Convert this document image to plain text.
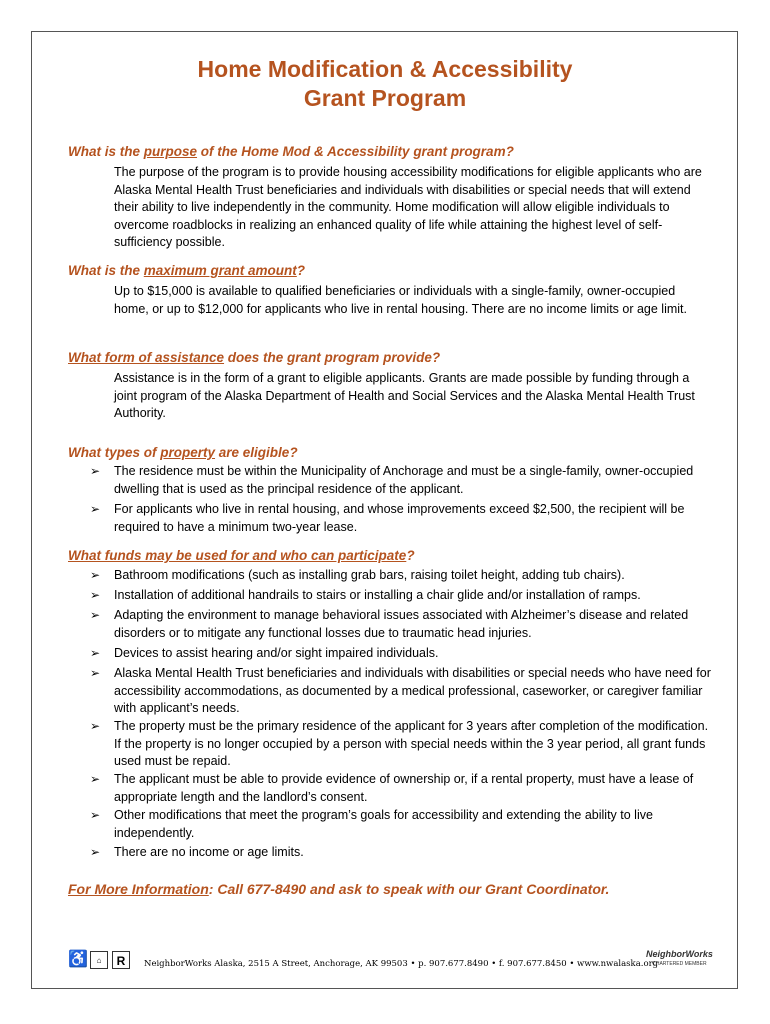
Home Modification & Accessibility
Grant Program
What is the purpose of the Home Mod & Accessibility grant program?
The purpose of the program is to provide housing accessibility modifications for eligible applicants who are Alaska Mental Health Trust beneficiaries and individuals with disabilities or special needs that will extend their ability to live independently in the community. Home modification will allow eligible individuals to overcome roadblocks in realizing an enhanced quality of life while attaining the highest level of self-sufficiency possible.
What is the maximum grant amount?
Up to $15,000 is available to qualified beneficiaries or individuals with a single-family, owner-occupied home, or up to $12,000 for applicants who live in rental housing. There are no income limits or age limit.
What form of assistance does the grant program provide?
Assistance is in the form of a grant to eligible applicants. Grants are made possible by funding through a joint program of the Alaska Department of Health and Social Services and the Alaska Mental Health Trust Authority.
What types of property are eligible?
➢ The residence must be within the Municipality of Anchorage and must be a single-family, owner-occupied dwelling that is used as the principal residence of the applicant.
➢ For applicants who live in rental housing, and whose improvements exceed $2,500, the recipient will be required to have a minimum two-year lease.
What funds may be used for and who can participate?
➢ Bathroom modifications (such as installing grab bars, raising toilet height, adding tub chairs).
➢ Installation of additional handrails to stairs or installing a chair glide and/or installation of ramps.
➢ Adapting the environment to manage behavioral issues associated with Alzheimer’s disease and related disorders or to mitigate any functional losses due to traumatic head injuries.
➢ Devices to assist hearing and/or sight impaired individuals.
➢ Alaska Mental Health Trust beneficiaries and individuals with disabilities or special needs who have need for accessibility accommodations, as documented by a medical professional, caseworker, or caregiver familiar with applicant’s needs.
➢ The property must be the primary residence of the applicant for 3 years after completion of the modification. If the property is no longer occupied by a person with special needs within the 3 year period, all grant funds used must be repaid.
➢ The applicant must be able to provide evidence of ownership or, if a rental property, must have a lease of appropriate length and the landlord’s consent.
➢ Other modifications that meet the program’s goals for accessibility and extending the ability to live independently.
➢ There are no income or age limits.
For More Information: Call 677-8490 and ask to speak with our Grant Coordinator.
♿	⌂	R	NeighborWorks Alaska, 2515 A Street, Anchorage, AK 99503 • p. 907.677.8490 • f. 907.677.8450 • www.nwalaska.org
NeighborWorks
CHARTERED MEMBER
